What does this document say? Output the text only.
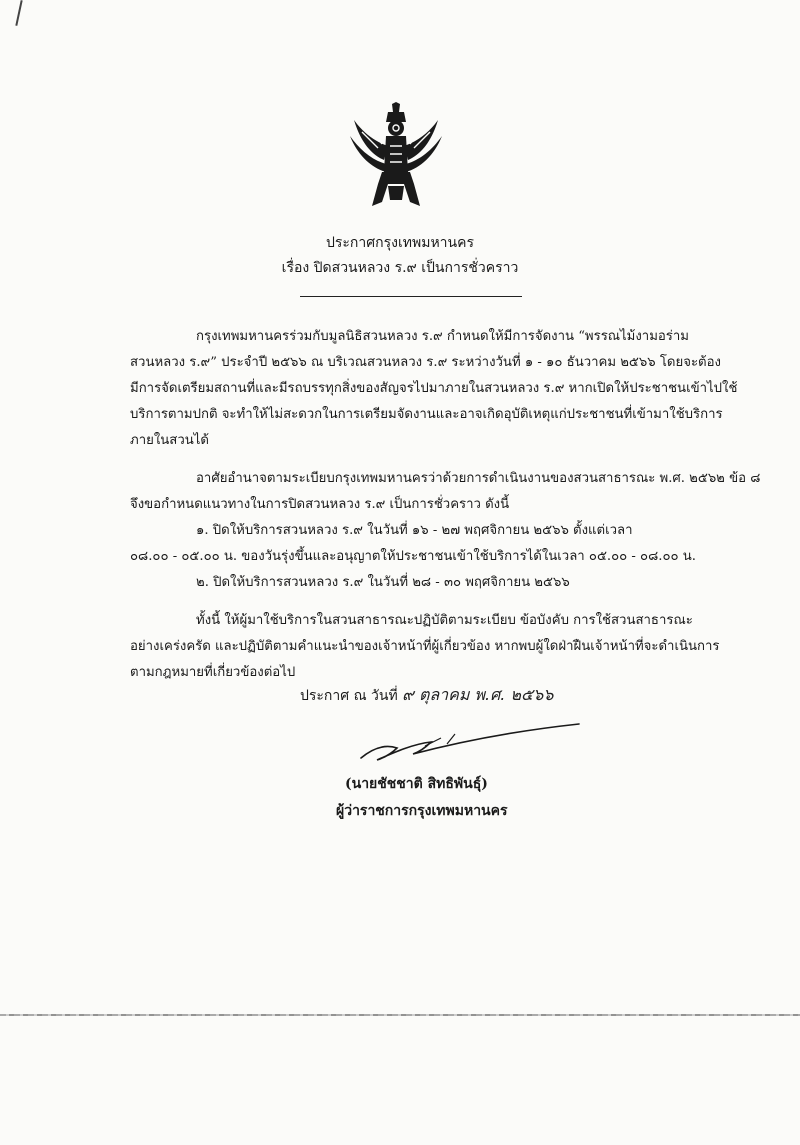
ประกาศกรุงเทพมหานคร
เรื่อง ปิดสวนหลวง ร.๙ เป็นการชั่วคราว
กรุงเทพมหานครร่วมกับมูลนิธิสวนหลวง ร.๙ กำหนดให้มีการจัดงาน “พรรณไม้งามอร่าม
สวนหลวง ร.๙” ประจำปี ๒๕๖๖ ณ บริเวณสวนหลวง ร.๙ ระหว่างวันที่ ๑ - ๑๐ ธันวาคม ๒๕๖๖ โดยจะต้อง
มีการจัดเตรียมสถานที่และมีรถบรรทุกสิ่งของสัญจรไปมาภายในสวนหลวง ร.๙ หากเปิดให้ประชาชนเข้าไปใช้
บริการตามปกติ จะทำให้ไม่สะดวกในการเตรียมจัดงานและอาจเกิดอุบัติเหตุแก่ประชาชนที่เข้ามาใช้บริการ
ภายในสวนได้
อาศัยอำนาจตามระเบียบกรุงเทพมหานครว่าด้วยการดำเนินงานของสวนสาธารณะ พ.ศ. ๒๕๖๒ ข้อ ๘
จึงขอกำหนดแนวทางในการปิดสวนหลวง ร.๙ เป็นการชั่วคราว ดังนี้
๑. ปิดให้บริการสวนหลวง ร.๙ ในวันที่ ๑๖ - ๒๗ พฤศจิกายน ๒๕๖๖ ตั้งแต่เวลา
๐๘.๐๐ - ๐๕.๐๐ น. ของวันรุ่งขึ้นและอนุญาตให้ประชาชนเข้าใช้บริการได้ในเวลา ๐๕.๐๐ - ๐๘.๐๐ น.
๒. ปิดให้บริการสวนหลวง ร.๙ ในวันที่ ๒๘ - ๓๐ พฤศจิกายน ๒๕๖๖
ทั้งนี้ ให้ผู้มาใช้บริการในสวนสาธารณะปฏิบัติตามระเบียบ ข้อบังคับ การใช้สวนสาธารณะ
อย่างเคร่งครัด และปฏิบัติตามคำแนะนำของเจ้าหน้าที่ผู้เกี่ยวข้อง หากพบผู้ใดฝ่าฝืนเจ้าหน้าที่จะดำเนินการ
ตามกฎหมายที่เกี่ยวข้องต่อไป
ประกาศ ณ วันที่ ๙ ตุลาคม พ.ศ. ๒๕๖๖
(นายชัชชาติ สิทธิพันธุ์)
ผู้ว่าราชการกรุงเทพมหานคร
